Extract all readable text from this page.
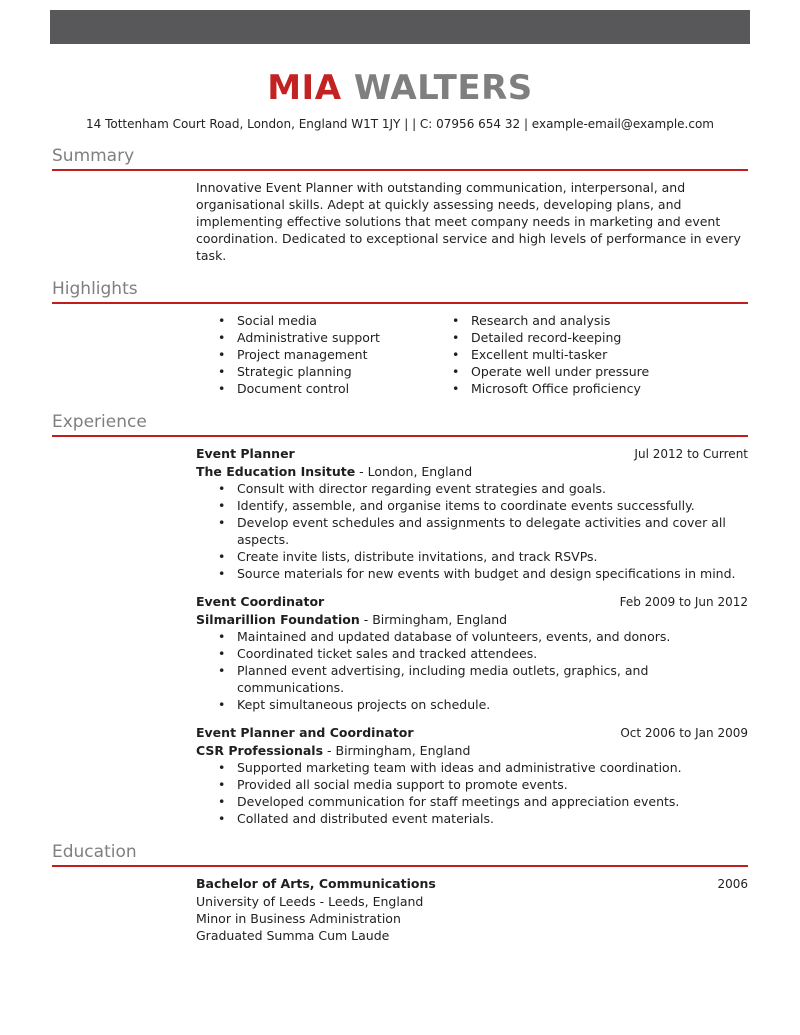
MIA WALTERS
14 Tottenham Court Road, London, England W1T 1JY | | C: 07956 654 32 | example-email@example.com
Summary

Innovative Event Planner with outstanding communication, interpersonal, and organisational skills. Adept at quickly assessing needs, developing plans, and implementing effective solutions that meet company needs in marketing and event coordination. Dedicated to exceptional service and high levels of performance in every task.

Highlights
• Social media
• Administrative support
• Project management
• Strategic planning
• Document control
• Research and analysis
• Detailed record-keeping
• Excellent multi-tasker
• Operate well under pressure
• Microsoft Office proficiency
Experience
Event Planner	Jul 2012 to Current
The Education Insitute - London, England
• Consult with director regarding event strategies and goals.
• Identify, assemble, and organise items to coordinate events successfully.
• Develop event schedules and assignments to delegate activities and cover all aspects.
• Create invite lists, distribute invitations, and track RSVPs.
• Source materials for new events with budget and design specifications in mind.
Event Coordinator	Feb 2009 to Jun 2012
Silmarillion Foundation - Birmingham, England
• Maintained and updated database of volunteers, events, and donors.
• Coordinated ticket sales and tracked attendees.
• Planned event advertising, including media outlets, graphics, and communications.
• Kept simultaneous projects on schedule.
Event Planner and Coordinator	Oct 2006 to Jan 2009
CSR Professionals - Birmingham, England
• Supported marketing team with ideas and administrative coordination.
• Provided all social media support to promote events.
• Developed communication for staff meetings and appreciation events.
• Collated and distributed event materials.
Education
Bachelor of Arts, Communications	2006
University of Leeds - Leeds, England
Minor in Business Administration
Graduated Summa Cum Laude
